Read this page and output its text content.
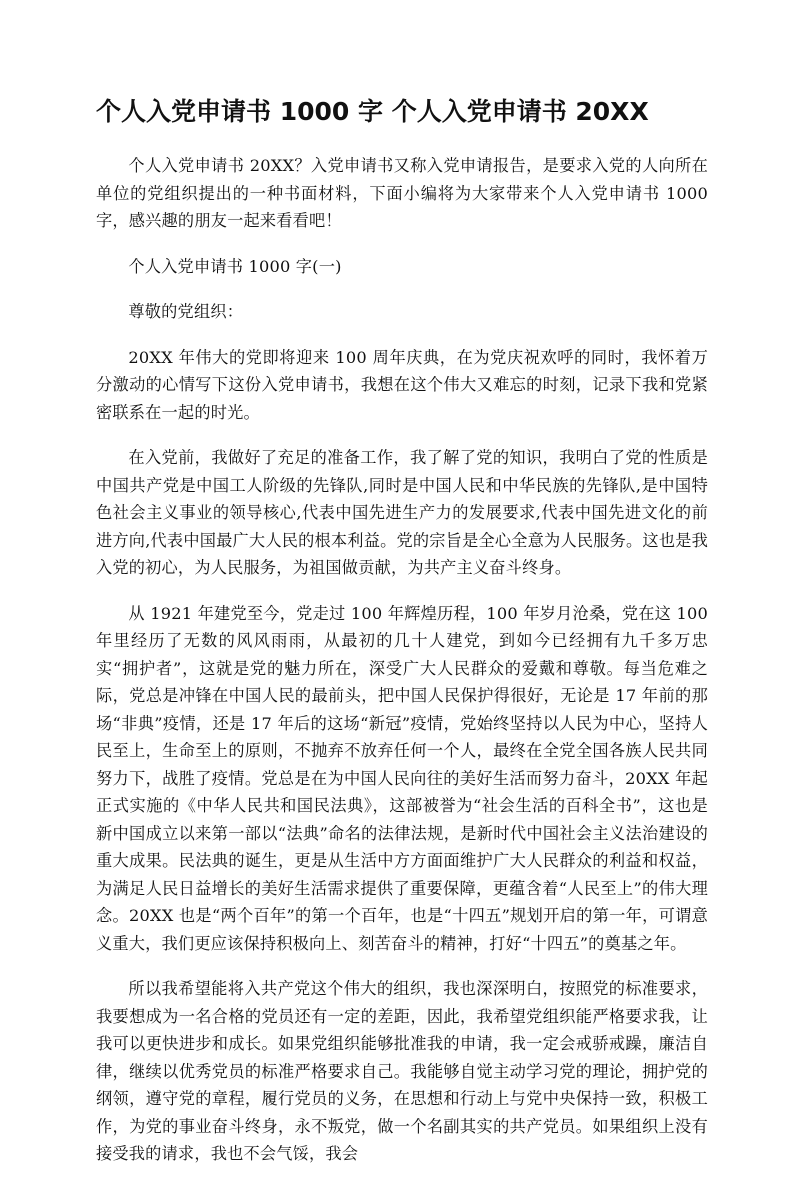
个人入党申请书 1000 字 个人入党申请书 20XX

个人入党申请书 20XX？入党申请书又称入党申请报告，是要求入党的人向所在单位的党组织提出的一种书面材料，下面小编将为大家带来个人入党申请书 1000 字，感兴趣的朋友一起来看看吧！

个人入党申请书 1000 字(一)

尊敬的党组织：

20XX 年伟大的党即将迎来 100 周年庆典，在为党庆祝欢呼的同时，我怀着万分激动的心情写下这份入党申请书，我想在这个伟大又难忘的时刻，记录下我和党紧密联系在一起的时光。

在入党前，我做好了充足的准备工作，我了解了党的知识，我明白了党的性质是中国共产党是中国工人阶级的先锋队,同时是中国人民和中华民族的先锋队,是中国特色社会主义事业的领导核心,代表中国先进生产力的发展要求,代表中国先进文化的前进方向,代表中国最广大人民的根本利益。党的宗旨是全心全意为人民服务。这也是我入党的初心，为人民服务，为祖国做贡献，为共产主义奋斗终身。

从 1921 年建党至今，党走过 100 年辉煌历程，100 年岁月沧桑，党在这 100 年里经历了无数的风风雨雨，从最初的几十人建党，到如今已经拥有九千多万忠实“拥护者”，这就是党的魅力所在，深受广大人民群众的爱戴和尊敬。每当危难之际，党总是冲锋在中国人民的最前头，把中国人民保护得很好，无论是 17 年前的那场“非典”疫情，还是 17 年后的这场“新冠”疫情，党始终坚持以人民为中心，坚持人民至上，生命至上的原则，不抛弃不放弃任何一个人，最终在全党全国各族人民共同努力下，战胜了疫情。党总是在为中国人民向往的美好生活而努力奋斗，20XX 年起正式实施的《中华人民共和国民法典》，这部被誉为“社会生活的百科全书”，这也是新中国成立以来第一部以“法典”命名的法律法规，是新时代中国社会主义法治建设的重大成果。民法典的诞生，更是从生活中方方面面维护广大人民群众的利益和权益，为满足人民日益增长的美好生活需求提供了重要保障，更蕴含着“人民至上”的伟大理念。20XX 也是“两个百年”的第一个百年，也是“十四五”规划开启的第一年，可谓意义重大，我们更应该保持积极向上、刻苦奋斗的精神，打好“十四五”的奠基之年。

所以我希望能将入共产党这个伟大的组织，我也深深明白，按照党的标准要求，我要想成为一名合格的党员还有一定的差距，因此，我希望党组织能严格要求我，让我可以更快进步和成长。如果党组织能够批准我的申请，我一定会戒骄戒躁，廉洁自律，继续以优秀党员的标准严格要求自己。我能够自觉主动学习党的理论，拥护党的纲领，遵守党的章程，履行党员的义务，在思想和行动上与党中央保持一致，积极工作，为党的事业奋斗终身，永不叛党，做一个名副其实的共产党员。如果组织上没有接受我的请求，我也不会气馁，我会
